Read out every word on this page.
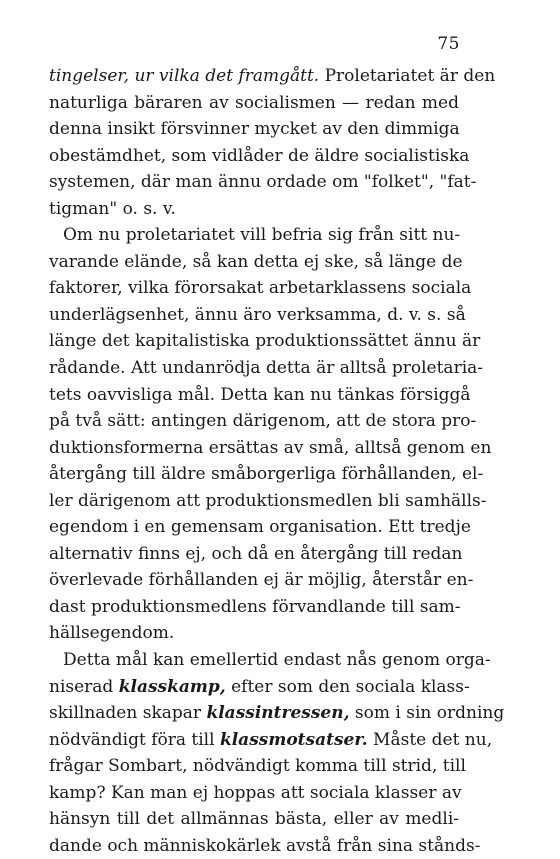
75
tingelser, ur vilka det framgått. Proletariatet är den
naturliga bäraren av socialismen — redan med
denna insikt försvinner mycket av den dimmiga
obestämdhet, som vidlåder de äldre socialistiska
systemen, där man ännu ordade om "folket", "fat-
tigman" o. s. v.
Om nu proletariatet vill befria sig från sitt nu-
varande elände, så kan detta ej ske, så länge de
faktorer, vilka förorsakat arbetarklassens sociala
underlägsenhet, ännu äro verksamma, d. v. s. så
länge det kapitalistiska produktionssättet ännu är
rådande. Att undanrödja detta är alltså proletaria-
tets oavvisliga mål. Detta kan nu tänkas försiggå
på två sätt: antingen därigenom, att de stora pro-
duktionsformerna ersättas av små, alltså genom en
återgång till äldre småborgerliga förhållanden, el-
ler därigenom att produktionsmedlen bli samhälls-
egendom i en gemensam organisation. Ett tredje
alternativ finns ej, och då en återgång till redan
överlevade förhållanden ej är möjlig, återstår en-
dast produktionsmedlens förvandlande till sam-
hällsegendom.
Detta mål kan emellertid endast nås genom orga-
niserad klasskamp, efter som den sociala klass-
skillnaden skapar klassintressen, som i sin ordning
nödvändigt föra till klassmotsatser. Måste det nu,
frågar Sombart, nödvändigt komma till strid, till
kamp? Kan man ej hoppas att sociala klasser av
hänsyn till det allmännas bästa, eller av medli-
dande och människokärlek avstå från sina stånds-
